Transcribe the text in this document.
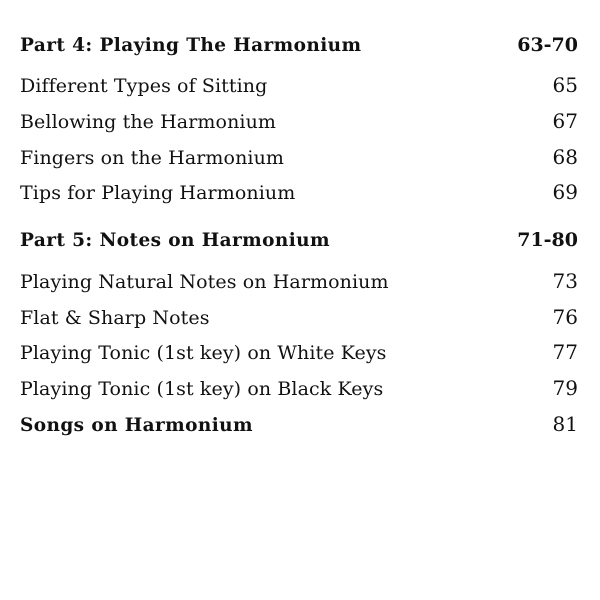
Part 4: Playing The Harmonium	63-70
Different Types of Sitting	65
Bellowing the Harmonium	67
Fingers on the Harmonium	68
Tips for Playing Harmonium	69
Part 5: Notes on Harmonium	71-80
Playing Natural Notes on Harmonium	73
Flat & Sharp Notes	76
Playing Tonic (1st key) on White Keys	77
Playing Tonic (1st key) on Black Keys	79
Songs on Harmonium	81
